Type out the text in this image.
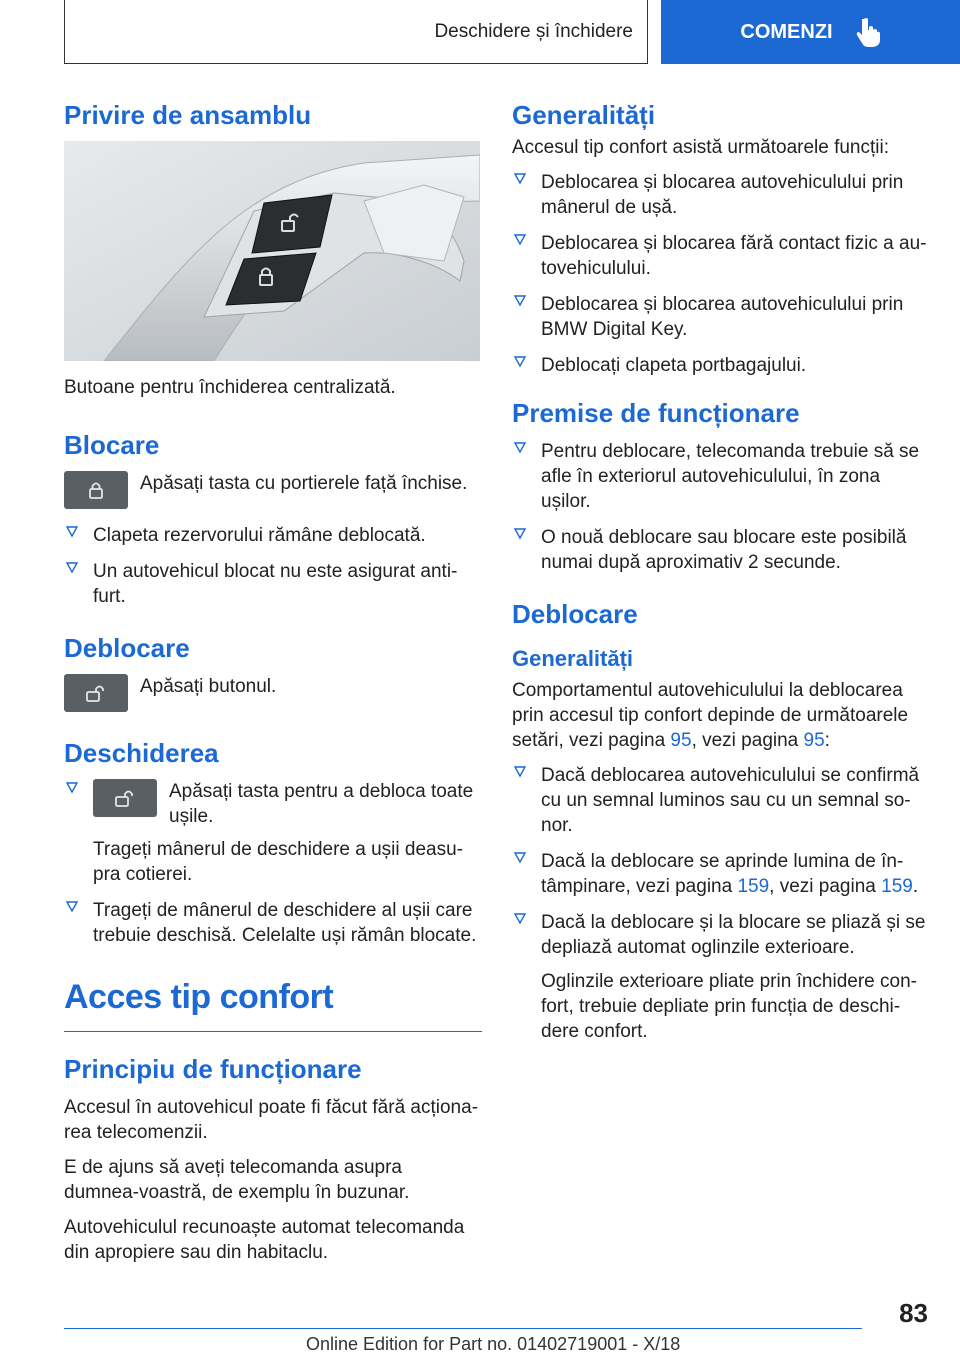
Deschidere și închidere	COMENZI
Privire de ansamblu

Butoane pentru închiderea centralizată.

Blocare

Apăsați tasta cu portierele față închise.

Clapeta rezervorului rămâne deblocată.
Un autovehicul blocat nu este asigurat anti-furt.
Deblocare

Apăsați butonul.

Deschiderea
Apăsați tasta pentru a debloca toate ușile.
Trageți mânerul de deschidere a ușii deasu-pra cotierei.
Trageți de mânerul de deschidere al ușii care trebuie deschisă. Celelalte uși rămân blocate.
Acces tip confort
Principiu de funcționare

Accesul în autovehicul poate fi făcut fără acționa-rea telecomenzii.

E de ajuns să aveți telecomanda asupra dumnea-voastră, de exemplu în buzunar.

Autovehiculul recunoaște automat telecomanda din apropiere sau din habitaclu.

Generalități

Accesul tip confort asistă următoarele funcții:

Deblocarea și blocarea autovehiculului prin mânerul de ușă.
Deblocarea și blocarea fără contact fizic a au-tovehiculului.
Deblocarea și blocarea autovehiculului prin BMW Digital Key.
Deblocați clapeta portbagajului.
Premise de funcționare
Pentru deblocare, telecomanda trebuie să se afle în exteriorul autovehiculului, în zona ușilor.
O nouă deblocare sau blocare este posibilă numai după aproximativ 2 secunde.
Deblocare
Generalități

Comportamentul autovehiculului la deblocarea prin accesul tip confort depinde de următoarele setări, vezi pagina 95, vezi pagina 95:

Dacă deblocarea autovehiculului se confirmă cu un semnal luminos sau cu un semnal so-nor.
Dacă la deblocare se aprinde lumina de în-tâmpinare, vezi pagina 159, vezi pagina 159.
Dacă la deblocare și la blocare se pliază și se depliază automat oglinzile exterioare.
Oglinzile exterioare pliate prin închidere con-fort, trebuie depliate prin funcția de deschi-dere confort.
83
Online Edition for Part no. 01402719001 - X/18
